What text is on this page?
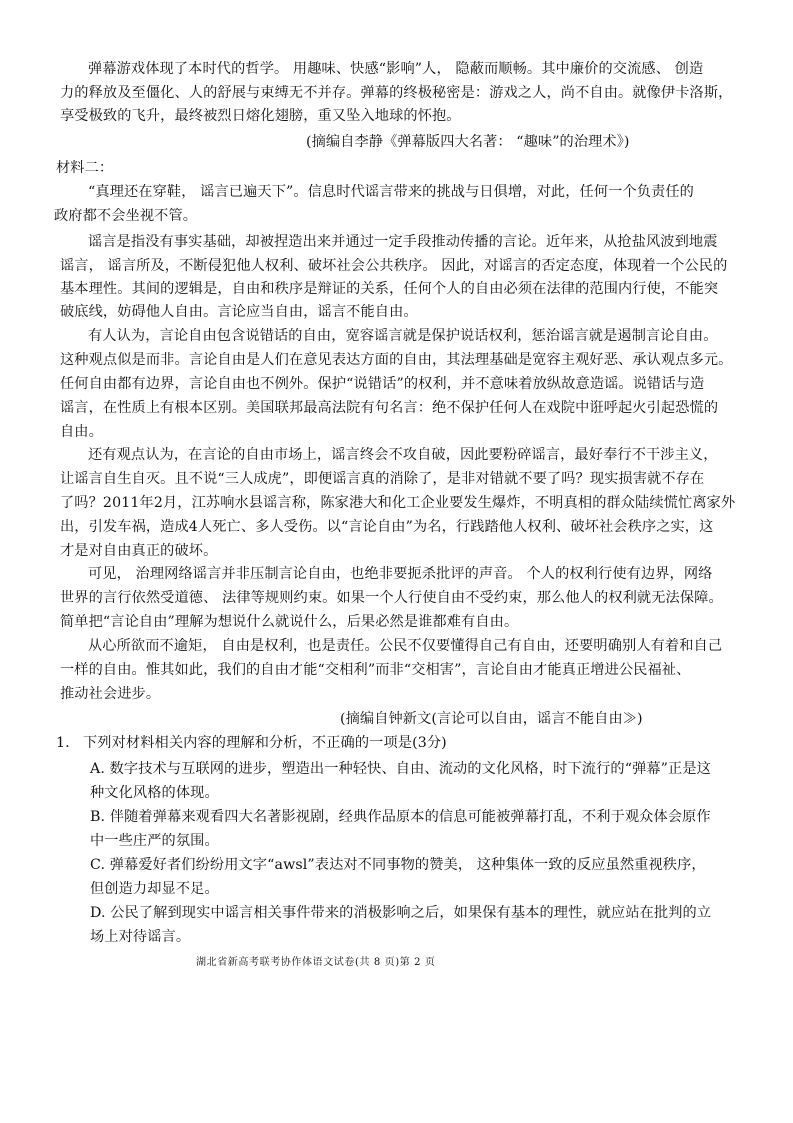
弹幕游戏体现了本时代的哲学。 用趣味、快感“影响”人， 隐蔽而顺畅。其中廉价的交流感、 创造
力的释放及至僵化、人的舒展与束缚无不并存。弹幕的终极秘密是：游戏之人，尚不自由。就像伊卡洛斯，
享受极致的飞升，最终被烈日熔化翅膀，重又坠入地球的怀抱。
(摘编自李静《弹幕版四大名著： “趣味”的治理术》)
材料二：
“真理还在穿鞋， 谣言已遍天下”。信息时代谣言带来的挑战与日俱增，对此，任何一个负责任的
政府都不会坐视不管。
谣言是指没有事实基础，却被捏造出来并通过一定手段推动传播的言论。近年来，从抢盐风波到地震
谣言， 谣言所及，不断侵犯他人权利、破坏社会公共秩序。 因此，对谣言的否定态度，体现着一个公民的
基本理性。其间的逻辑是，自由和秩序是辩证的关系，任何个人的自由必须在法律的范围内行使，不能突
破底线，妨碍他人自由。言论应当自由，谣言不能自由。
有人认为，言论自由包含说错话的自由，宽容谣言就是保护说话权利，惩治谣言就是遏制言论自由。
这种观点似是而非。言论自由是人们在意见表达方面的自由，其法理基础是宽容主观好恶、承认观点多元。
任何自由都有边界，言论自由也不例外。保护“说错话”的权利，并不意味着放纵故意造谣。说错话与造
谣言，在性质上有根本区别。美国联邦最高法院有句名言：绝不保护任何人在戏院中诳呼起火引起恐慌的
自由。
还有观点认为，在言论的自由市场上，谣言终会不攻自破，因此要粉碎谣言，最好奉行不干涉主义，
让谣言自生自灭。且不说“三人成虎”，即便谣言真的消除了，是非对错就不要了吗？现实损害就不存在
了吗？2011年2月，江苏响水县谣言称，陈家港大和化工企业要发生爆炸，不明真相的群众陆续慌忙离家外
出，引发车祸，造成4人死亡、多人受伤。以“言论自由”为名，行践踏他人权利、破坏社会秩序之实，这
才是对自由真正的破坏。
可见， 治理网络谣言并非压制言论自由，也绝非要扼杀批评的声音。 个人的权利行使有边界，网络
世界的言行依然受道德、 法律等规则约束。如果一个人行使自由不受约束，那么他人的权利就无法保障。
简单把“言论自由”理解为想说什么就说什么，后果必然是谁都难有自由。
从心所欲而不逾矩， 自由是权利，也是责任。公民不仅要懂得自己有自由，还要明确别人有着和自己
一样的自由。惟其如此，我们的自由才能“交相利”而非“交相害”，言论自由才能真正增进公民福祉、
推动社会进步。
(摘编自钟新文(言论可以自由，谣言不能自由≫)
1. 下列对材料相关内容的理解和分析，不正确的一项是(3分)
A. 数字技术与互联网的进步，塑造出一种轻快、自由、流动的文化风格，时下流行的“弹幕”正是这
种文化风格的体现。
B. 伴随着弹幕来观看四大名著影视剧，经典作品原本的信息可能被弹幕打乱，不利于观众体会原作
中一些庄严的氛围。
C. 弹幕爱好者们纷纷用文字“awsl”表达对不同事物的赞美， 这种集体一致的反应虽然重视秩序，
但创造力却显不足。
D. 公民了解到现实中谣言相关事件带来的消极影响之后，如果保有基本的理性，就应站在批判的立
场上对待谣言。
湖北省新高考联考协作体语文试卷(共 8 页)第 2 页
